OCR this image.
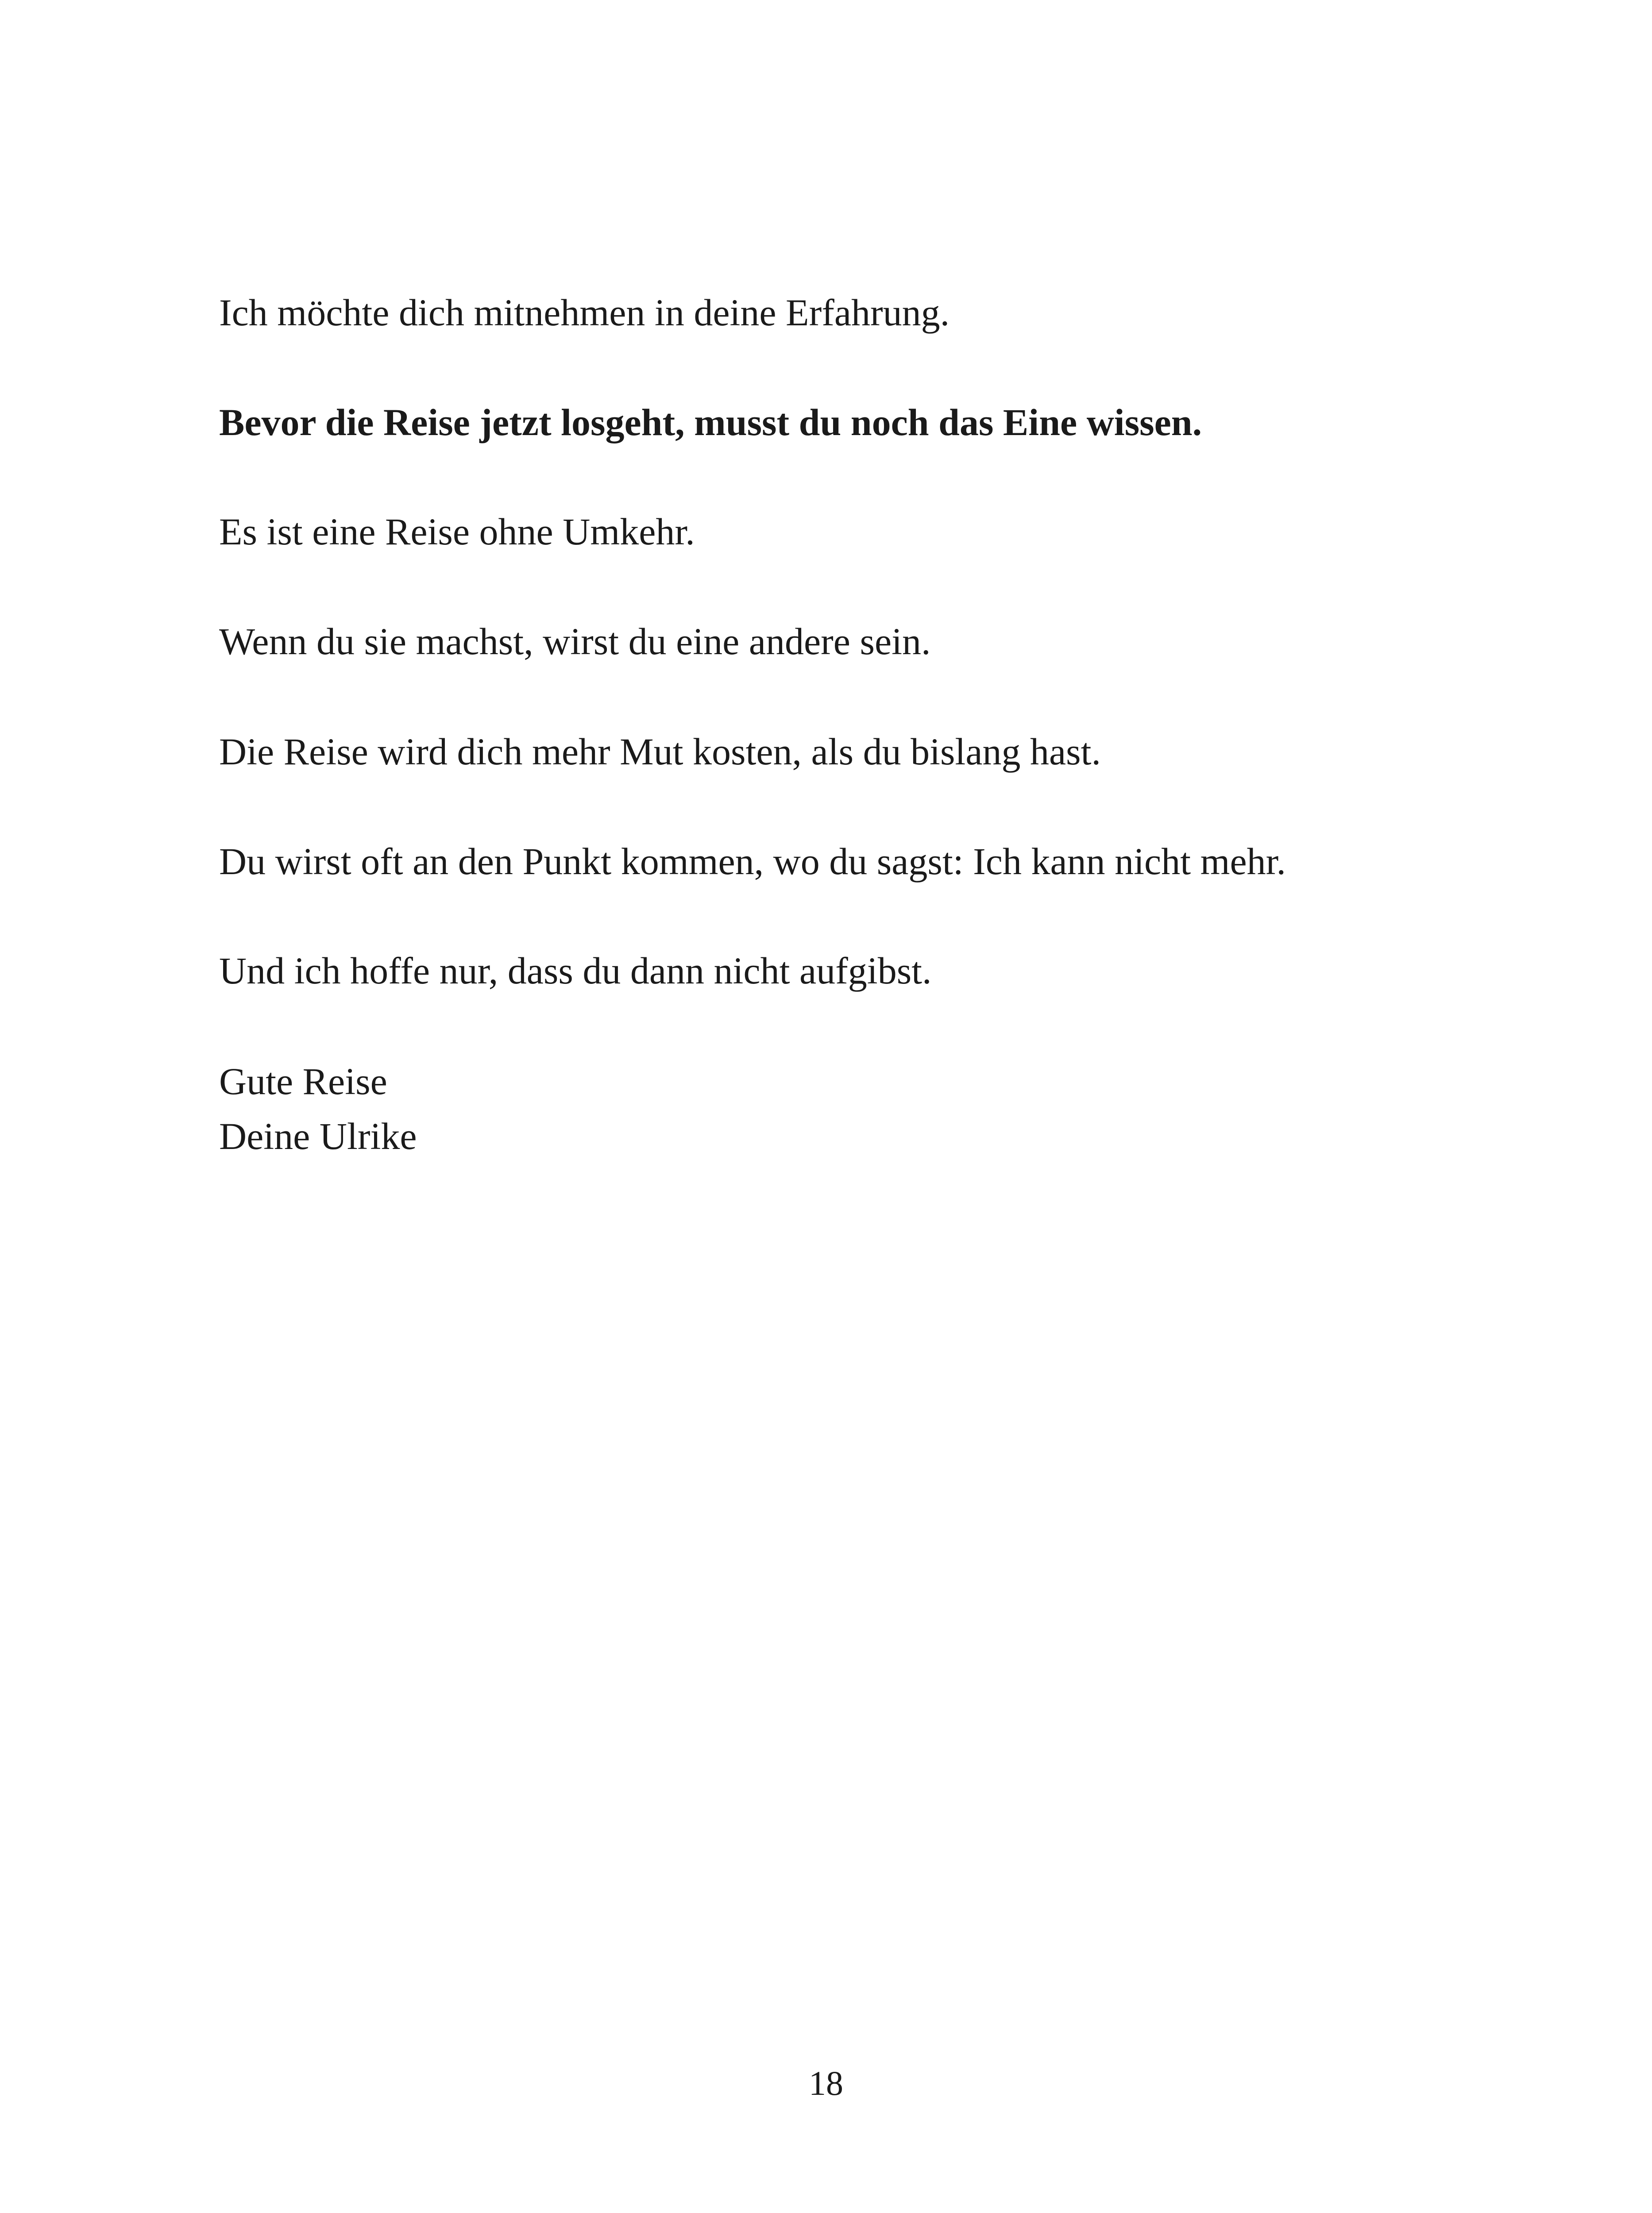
Ich möchte dich mitnehmen in deine Erfahrung.
Bevor die Reise jetzt losgeht, musst du noch das Eine wissen.
Es ist eine Reise ohne Umkehr.
Wenn du sie machst, wirst du eine andere sein.
Die Reise wird dich mehr Mut kosten, als du bislang hast.
Du wirst oft an den Punkt kommen, wo du sagst: Ich kann nicht mehr.
Und ich hoffe nur, dass du dann nicht aufgibst.
Gute Reise
Deine Ulrike
18
